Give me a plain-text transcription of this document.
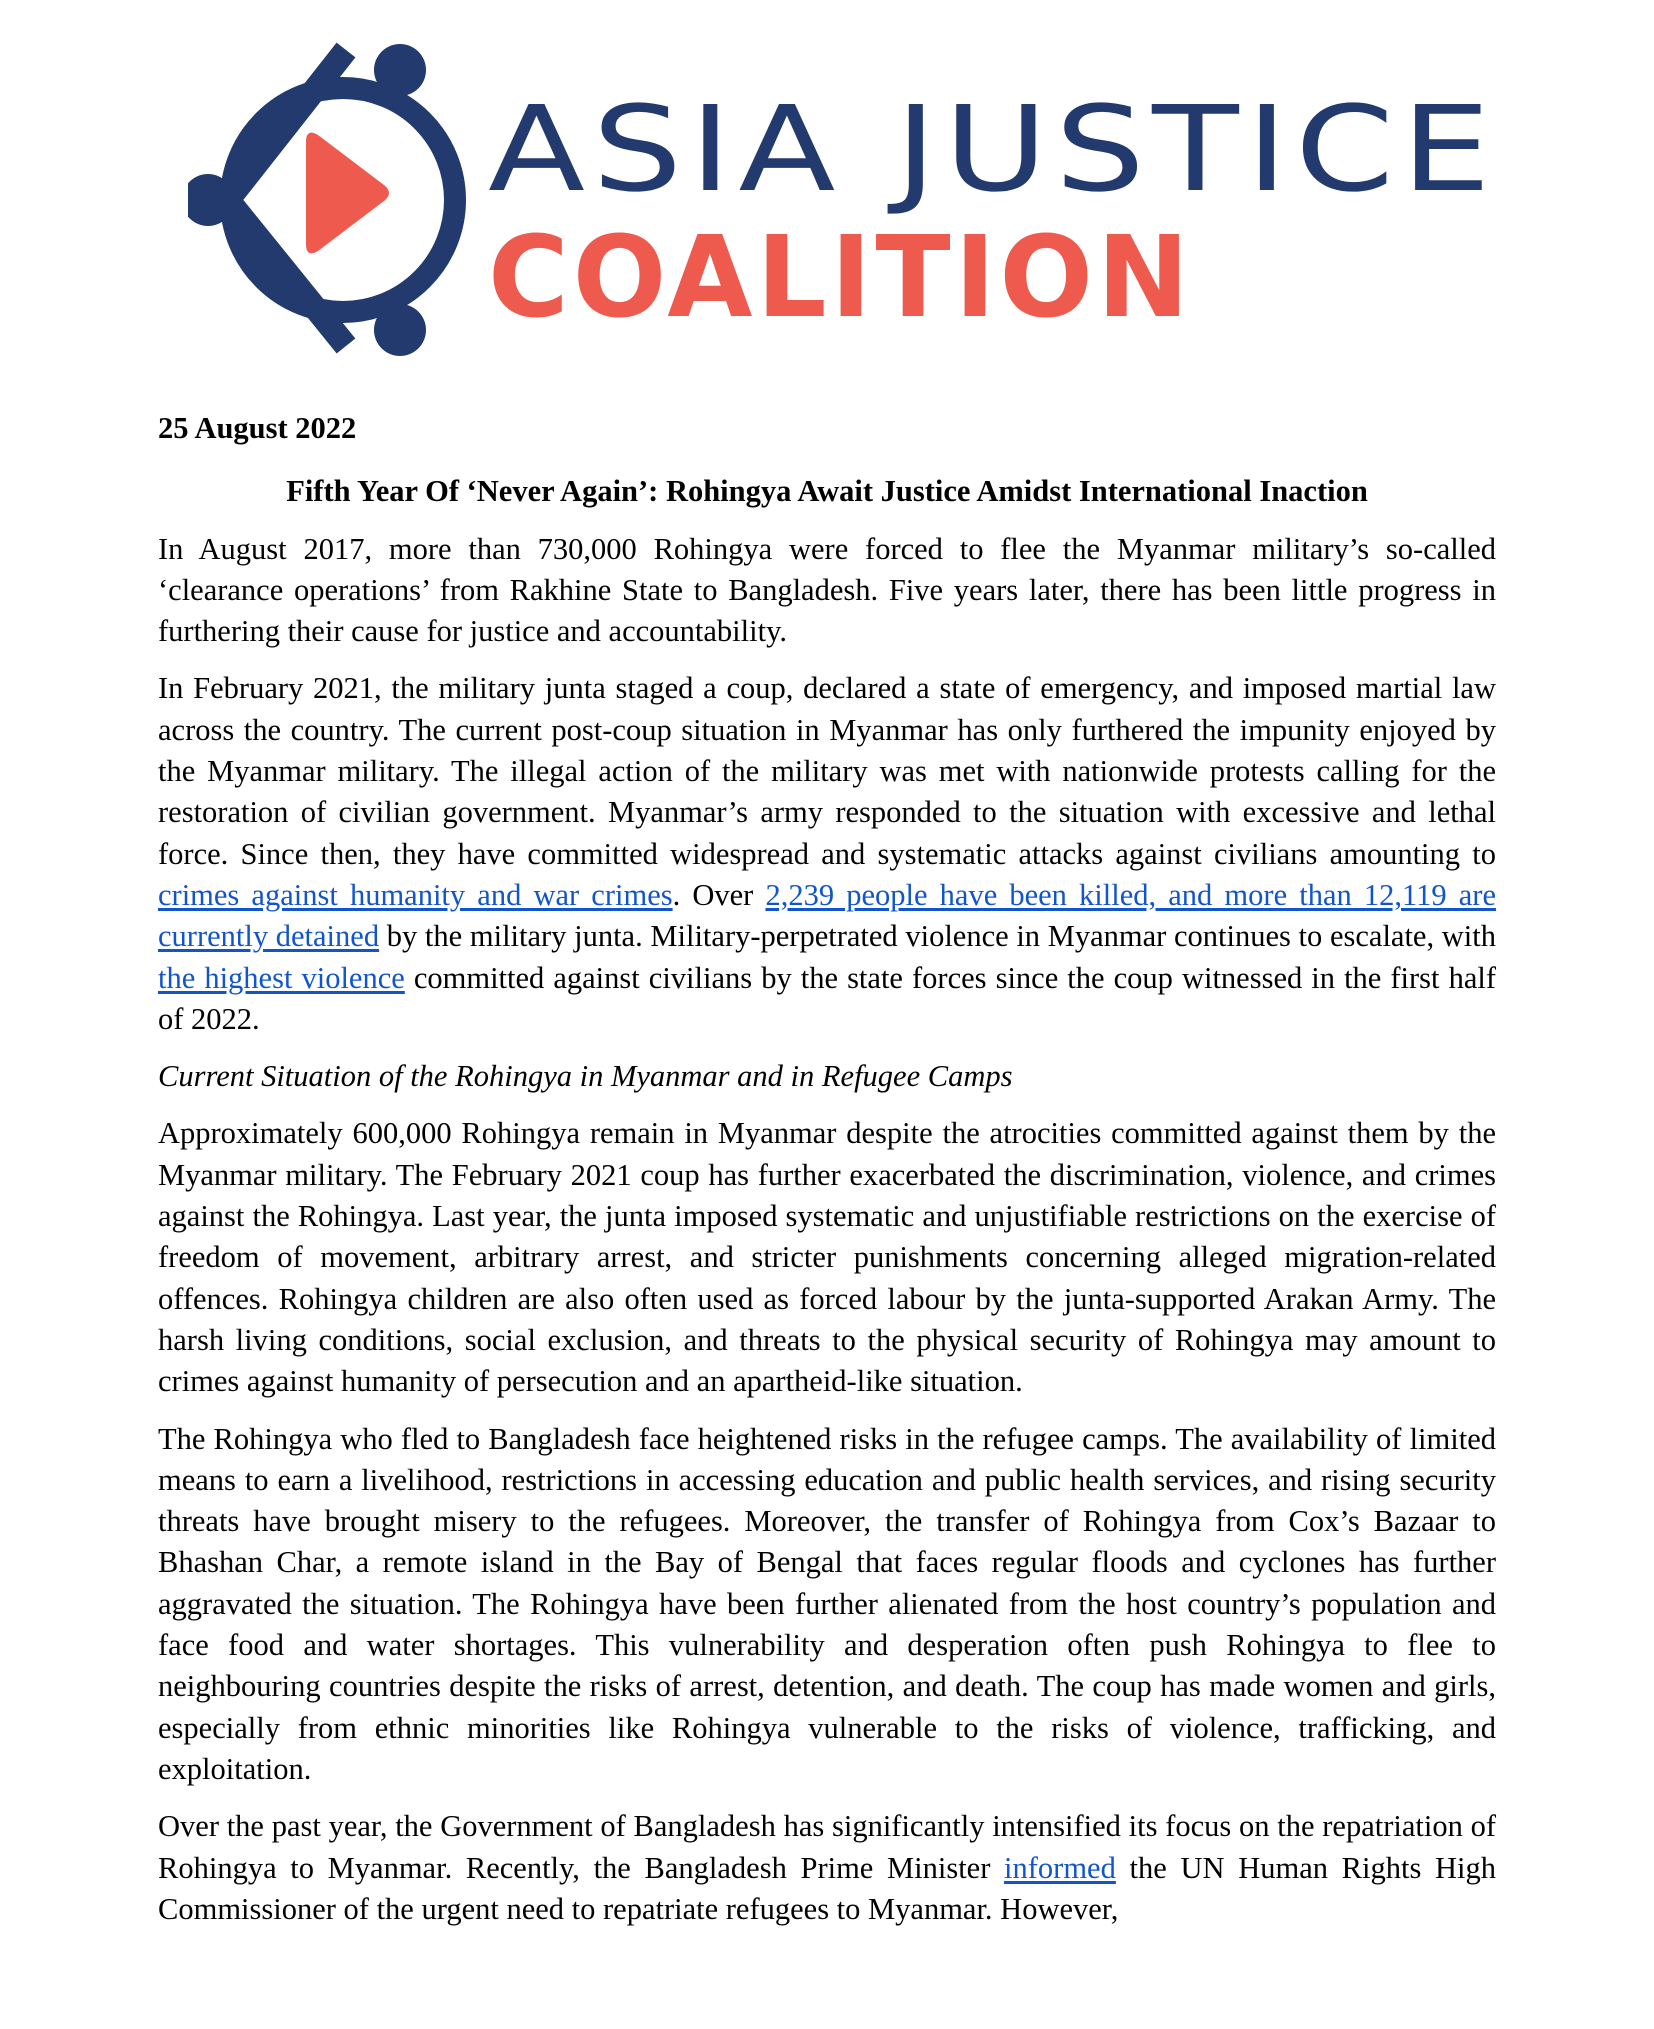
ASIA JUSTICE
COALITION
25 August 2022
Fifth Year Of ‘Never Again’: Rohingya Await Justice Amidst International Inaction

In August 2017, more than 730,000 Rohingya were forced to flee the Myanmar military’s so-called ‘clearance operations’ from Rakhine State to Bangladesh. Five years later, there has been little progress in furthering their cause for justice and accountability.

In February 2021, the military junta staged a coup, declared a state of emergency, and imposed martial law across the country. The current post-coup situation in Myanmar has only furthered the impunity enjoyed by the Myanmar military. The illegal action of the military was met with nationwide protests calling for the restoration of civilian government. Myanmar’s army responded to the situation with excessive and lethal force. Since then, they have committed widespread and systematic attacks against civilians amounting to crimes against humanity and war crimes. Over 2,239 people have been killed, and more than 12,119 are currently detained by the military junta. Military-perpetrated violence in Myanmar continues to escalate, with the highest violence committed against civilians by the state forces since the coup witnessed in the first half of 2022.

Current Situation of the Rohingya in Myanmar and in Refugee Camps

Approximately 600,000 Rohingya remain in Myanmar despite the atrocities committed against them by the Myanmar military. The February 2021 coup has further exacerbated the discrimination, violence, and crimes against the Rohingya. Last year, the junta imposed systematic and unjustifiable restrictions on the exercise of freedom of movement, arbitrary arrest, and stricter punishments concerning alleged migration-related offences. Rohingya children are also often used as forced labour by the junta-supported Arakan Army. The harsh living conditions, social exclusion, and threats to the physical security of Rohingya may amount to crimes against humanity of persecution and an apartheid-like situation.

The Rohingya who fled to Bangladesh face heightened risks in the refugee camps. The availability of limited means to earn a livelihood, restrictions in accessing education and public health services, and rising security threats have brought misery to the refugees. Moreover, the transfer of Rohingya from Cox’s Bazaar to Bhashan Char, a remote island in the Bay of Bengal that faces regular floods and cyclones has further aggravated the situation. The Rohingya have been further alienated from the host country’s population and face food and water shortages. This vulnerability and desperation often push Rohingya to flee to neighbouring countries despite the risks of arrest, detention, and death. The coup has made women and girls, especially from ethnic minorities like Rohingya vulnerable to the risks of violence, trafficking, and exploitation.

Over the past year, the Government of Bangladesh has significantly intensified its focus on the repatriation of Rohingya to Myanmar. Recently, the Bangladesh Prime Minister informed the UN Human Rights High Commissioner of the urgent need to repatriate refugees to Myanmar. However,
